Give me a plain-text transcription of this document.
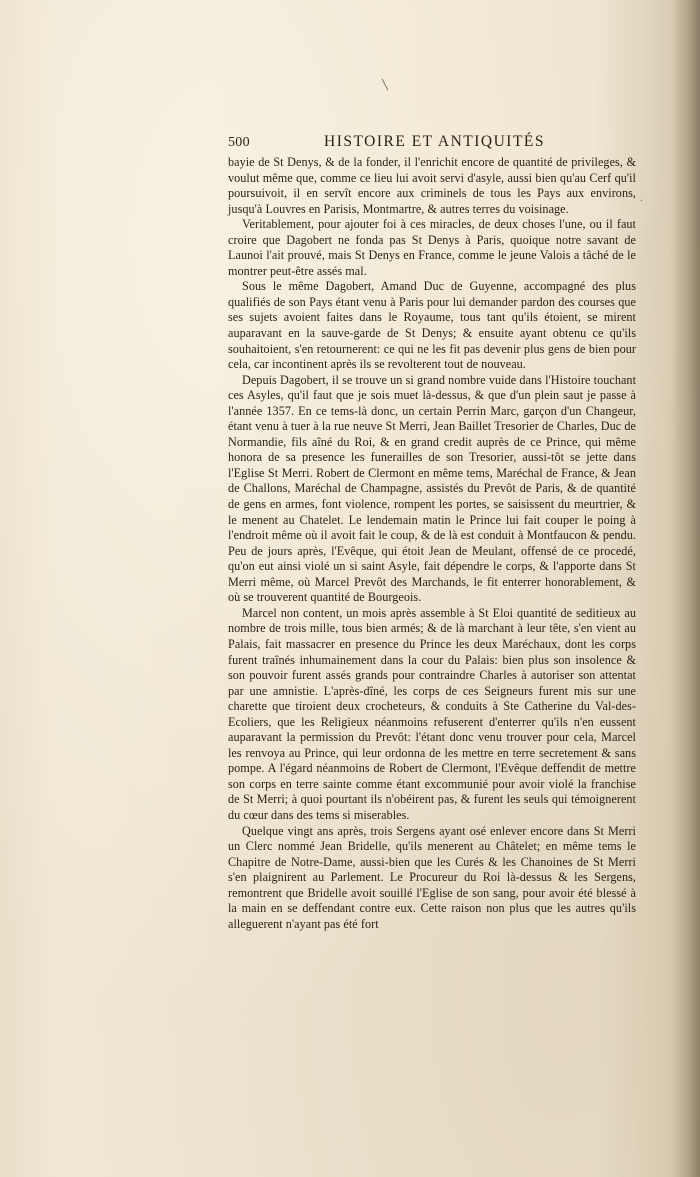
╲
·
500	HISTOIRE ET ANTIQUITÉS

bayie de St Denys, & de la fonder, il l'enrichit encore de quantité de privileges, & voulut même que, comme ce lieu lui avoit servi d'asyle, aussi bien qu'au Cerf qu'il poursuivoit, il en servît encore aux criminels de tous les Pays aux environs, jusqu'à Louvres en Parisis, Montmartre, & autres terres du voisinage.

Veritablement, pour ajouter foi à ces miracles, de deux choses l'une, ou il faut croire que Dagobert ne fonda pas St Denys à Paris, quoique notre savant de Launoi l'ait prouvé, mais St Denys en France, comme le jeune Valois a tâché de le montrer peut-être assés mal.

Sous le même Dagobert, Amand Duc de Guyenne, accompagné des plus qualifiés de son Pays étant venu à Paris pour lui demander pardon des courses que ses sujets avoient faites dans le Royaume, tous tant qu'ils étoient, se mirent auparavant en la sauve-garde de St Denys; & ensuite ayant obtenu ce qu'ils souhaitoient, s'en retournerent: ce qui ne les fit pas devenir plus gens de bien pour cela, car incontinent après ils se revolterent tout de nouveau.

Depuis Dagobert, il se trouve un si grand nombre vuide dans l'Histoire touchant ces Asyles, qu'il faut que je sois muet là-dessus, & que d'un plein saut je passe à l'année 1357. En ce tems-là donc, un certain Perrin Marc, garçon d'un Changeur, étant venu à tuer à la rue neuve St Merri, Jean Baillet Tresorier de Charles, Duc de Normandie, fils aîné du Roi, & en grand credit auprès de ce Prince, qui même honora de sa presence les funerailles de son Tresorier, aussi-tôt se jette dans l'Eglise St Merri. Robert de Clermont en même tems, Maréchal de France, & Jean de Challons, Maréchal de Champagne, assistés du Prevôt de Paris, & de quantité de gens en armes, font violence, rompent les portes, se saisissent du meurtrier, & le menent au Chatelet. Le lendemain matin le Prince lui fait couper le poing à l'endroit même où il avoit fait le coup, & de là est conduit à Montfaucon & pendu. Peu de jours après, l'Evêque, qui étoit Jean de Meulant, offensé de ce procedé, qu'on eut ainsi violé un si saint Asyle, fait dépendre le corps, & l'apporte dans St Merri même, où Marcel Prevôt des Marchands, le fit enterrer honorablement, & où se trouverent quantité de Bourgeois.

Marcel non content, un mois après assemble à St Eloi quantité de seditieux au nombre de trois mille, tous bien armés; & de là marchant à leur tête, s'en vient au Palais, fait massacrer en presence du Prince les deux Maréchaux, dont les corps furent traînés inhumainement dans la cour du Palais: bien plus son insolence & son pouvoir furent assés grands pour contraindre Charles à autoriser son attentat par une amnistie. L'après-dîné, les corps de ces Seigneurs furent mis sur une charette que tiroient deux crocheteurs, & conduits à Ste Catherine du Val-des-Ecoliers, que les Religieux néanmoins refuserent d'enterrer qu'ils n'en eussent auparavant la permission du Prevôt: l'étant donc venu trouver pour cela, Marcel les renvoya au Prince, qui leur ordonna de les mettre en terre secretement & sans pompe. A l'égard néanmoins de Robert de Clermont, l'Evêque deffendit de mettre son corps en terre sainte comme étant excommunié pour avoir violé la franchise de St Merri; à quoi pourtant ils n'obéirent pas, & furent les seuls qui témoignerent du cœur dans des tems si miserables.

Quelque vingt ans après, trois Sergens ayant osé enlever encore dans St Merri un Clerc nommé Jean Bridelle, qu'ils menerent au Châtelet; en même tems le Chapitre de Notre-Dame, aussi-bien que les Curés & les Chanoines de St Merri s'en plaignirent au Parlement. Le Procureur du Roi là-dessus & les Sergens, remontrent que Bridelle avoit souillé l'Eglise de son sang, pour avoir été blessé à la main en se deffendant contre eux. Cette raison non plus que les autres qu'ils alleguerent n'ayant pas été fort
